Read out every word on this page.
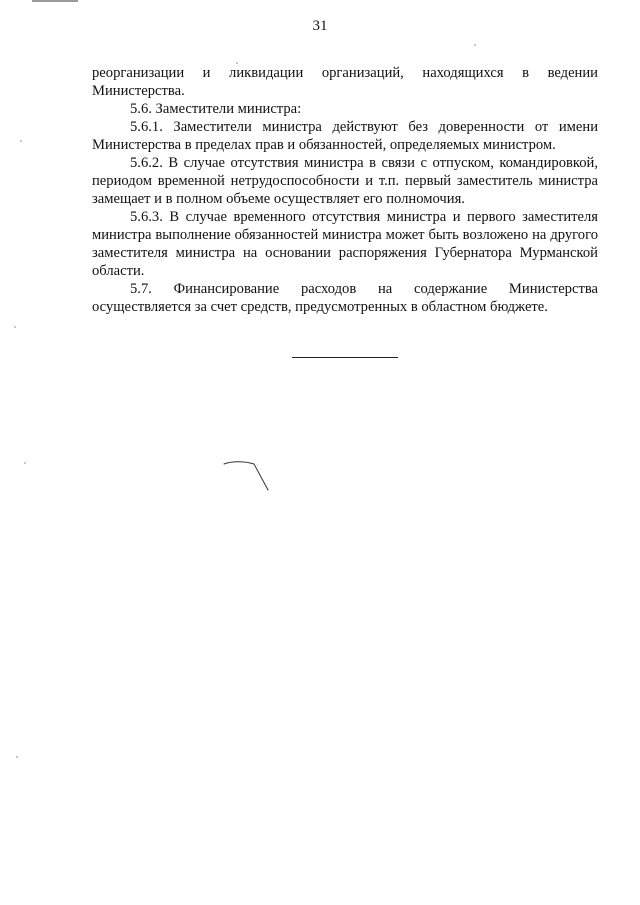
31

реорганизации и ликвидации организаций, находящихся в ведении Министерства.

5.6. Заместители министра:

5.6.1. Заместители министра действуют без доверенности от имени Министерства в пределах прав и обязанностей, определяемых министром.

5.6.2. В случае отсутствия министра в связи с отпуском, командировкой, периодом временной нетрудоспособности и т.п. первый заместитель министра замещает и в полном объеме осуществляет его полномочия.

5.6.3. В случае временного отсутствия министра и первого заместителя министра выполнение обязанностей министра может быть возложено на другого заместителя министра на основании распоряжения Губернатора Мурманской области.

5.7. Финансирование расходов на содержание Министерства осуществляется за счет средств, предусмотренных в областном бюджете.
